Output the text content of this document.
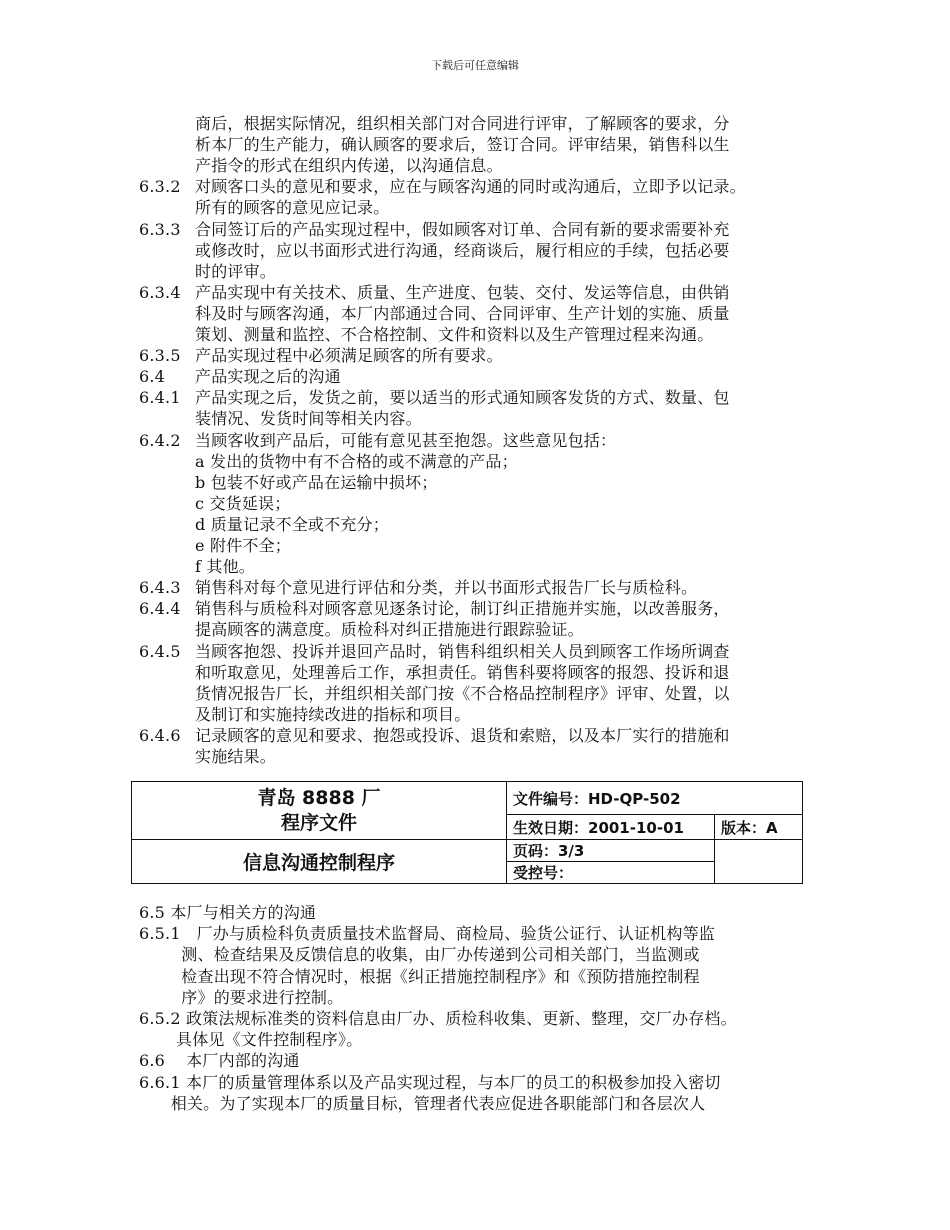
下载后可任意编辑
商后，根据实际情况，组织相关部门对合同进行评审，了解顾客的要求，分
析本厂的生产能力，确认顾客的要求后，签订合同。评审结果，销售科以生
产指令的形式在组织内传递，以沟通信息。
6.3.2 对顾客口头的意见和要求，应在与顾客沟通的同时或沟通后，立即予以记录。
所有的顾客的意见应记录。
6.3.3 合同签订后的产品实现过程中，假如顾客对订单、合同有新的要求需要补充
或修改时，应以书面形式进行沟通，经商谈后，履行相应的手续，包括必要
时的评审。
6.3.4 产品实现中有关技术、质量、生产进度、包装、交付、发运等信息，由供销
科及时与顾客沟通，本厂内部通过合同、合同评审、生产计划的实施、质量
策划、测量和监控、不合格控制、文件和资料以及生产管理过程来沟通。
6.3.5 产品实现过程中必须满足顾客的所有要求。
6.4 产品实现之后的沟通
6.4.1 产品实现之后，发货之前，要以适当的形式通知顾客发货的方式、数量、包
装情况、发货时间等相关内容。
6.4.2 当顾客收到产品后，可能有意见甚至抱怨。这些意见包括：
a 发出的货物中有不合格的或不满意的产品；
b 包装不好或产品在运输中损坏；
c 交货延误；
d 质量记录不全或不充分；
e 附件不全；
f 其他。
6.4.3 销售科对每个意见进行评估和分类，并以书面形式报告厂长与质检科。
6.4.4 销售科与质检科对顾客意见逐条讨论，制订纠正措施并实施，以改善服务，
提高顾客的满意度。质检科对纠正措施进行跟踪验证。
6.4.5 当顾客抱怨、投诉并退回产品时，销售科组织相关人员到顾客工作场所调查
和听取意见，处理善后工作，承担责任。销售科要将顾客的报怨、投诉和退
货情况报告厂长，并组织相关部门按《不合格品控制程序》评审、处置，以
及制订和实施持续改进的指标和项目。
6.4.6 记录顾客的意见和要求、抱怨或投诉、退货和索赔，以及本厂实行的措施和
实施结果。
青岛 8888 厂
程序文件	文件编号：HD-QP-502	
	生效日期：2001-10-01	版本：A
信息沟通控制程序	页码：3/3	
	受控号：	
6.5 本厂与相关方的沟通
6.5.1   厂办与质检科负责质量技术监督局、商检局、验货公证行、认证机构等监
测、检查结果及反馈信息的收集，由厂办传递到公司相关部门，当监测或
检查出现不符合情况时，根据《纠正措施控制程序》和《预防措施控制程
序》的要求进行控制。
6.5.2 政策法规标准类的资料信息由厂办、质检科收集、更新、整理，交厂办存档。
具体见《文件控制程序》。
6.6    本厂内部的沟通
6.6.1 本厂的质量管理体系以及产品实现过程，与本厂的员工的积极参加投入密切
相关。为了实现本厂的质量目标，管理者代表应促进各职能部门和各层次人
